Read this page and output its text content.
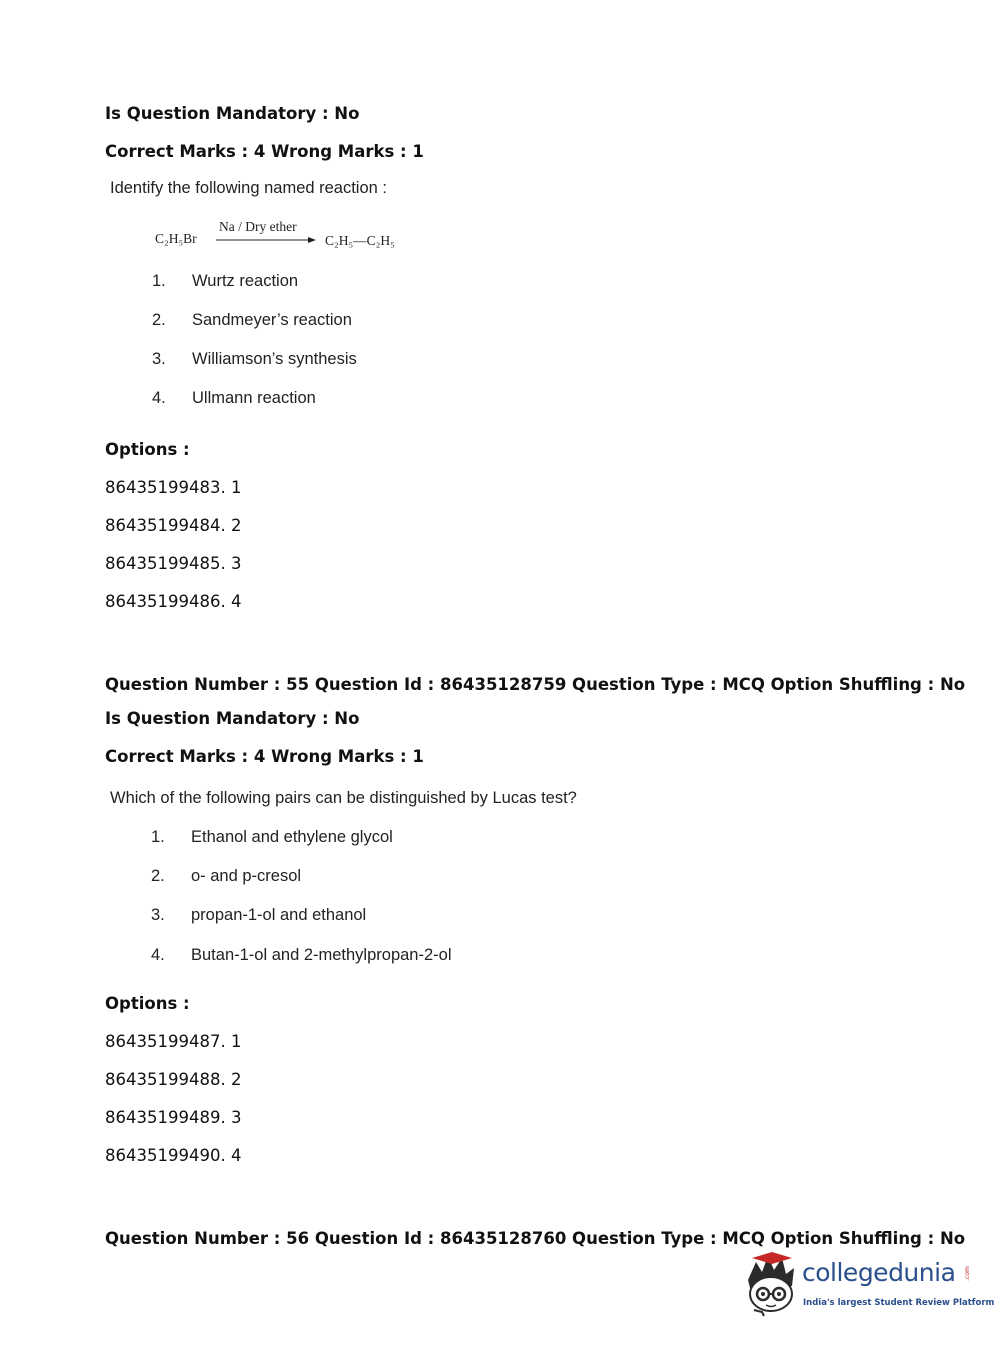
Is Question Mandatory : No
Correct Marks : 4 Wrong Marks : 1
Identify the following named reaction :
C₂H₅Br
Na / Dry ether
C₂H₅—C₂H₅
1. Wurtz reaction
2. Sandmeyer’s reaction
3. Williamson’s synthesis
4. Ullmann reaction
Options :
86435199483. 1
86435199484. 2
86435199485. 3
86435199486. 4
Question Number : 55 Question Id : 86435128759 Question Type : MCQ Option Shuffling : No
Is Question Mandatory : No
Correct Marks : 4 Wrong Marks : 1
Which of the following pairs can be distinguished by Lucas test?
1. Ethanol and ethylene glycol
2. o- and p-cresol
3. propan-1-ol and ethanol
4. Butan-1-ol and 2-methylpropan-2-ol
Options :
86435199487. 1
86435199488. 2
86435199489. 3
86435199490. 4
Question Number : 56 Question Id : 86435128760 Question Type : MCQ Option Shuffling : No
collegedunia .com
India's largest Student Review Platform
